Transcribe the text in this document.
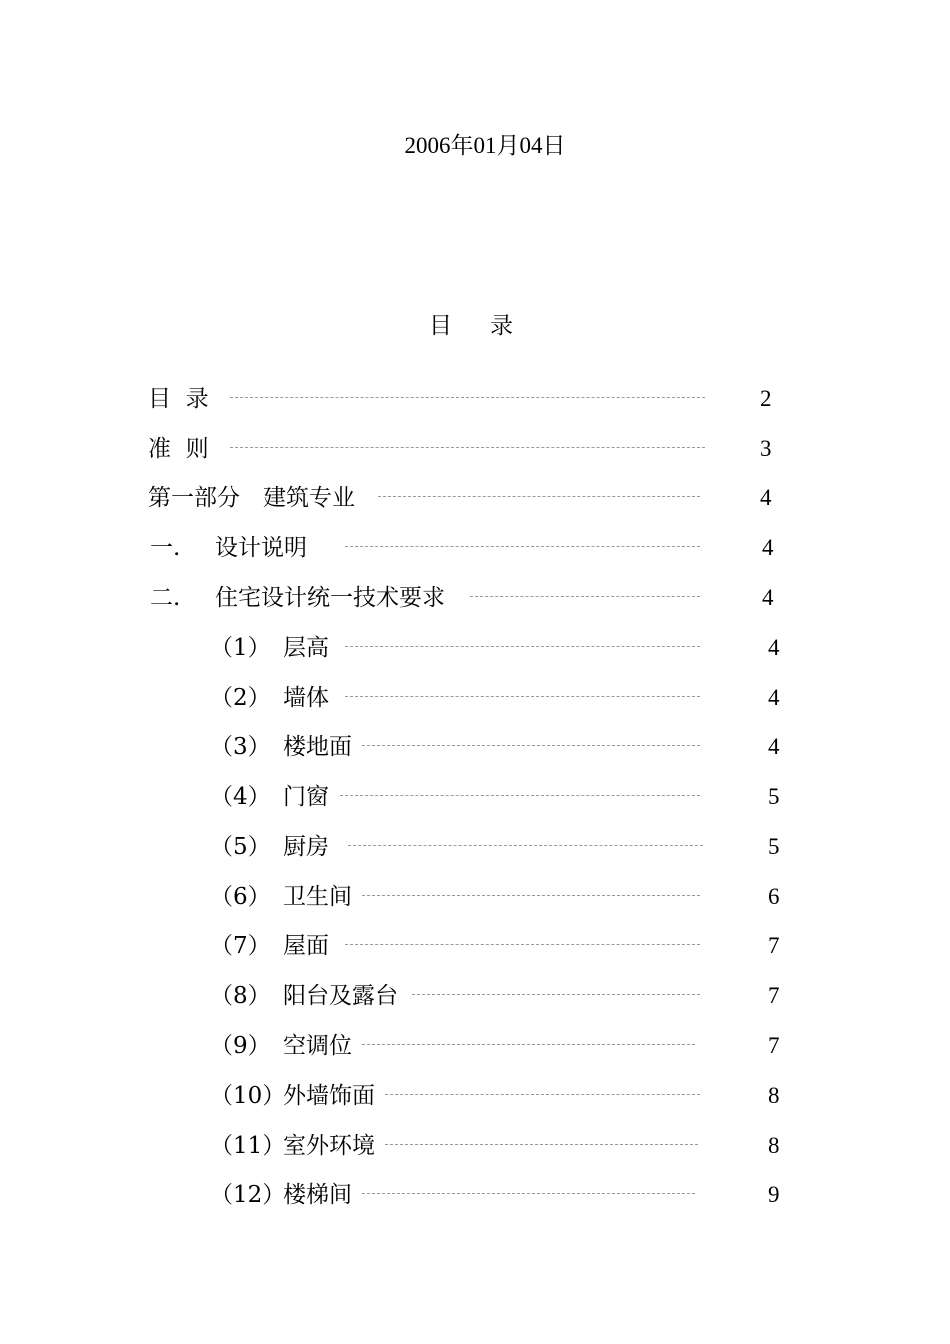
2006年01月04日
目 录
目  录	2
准  则	3
第一部分　建筑专业	4
一. 设计说明	4
二. 住宅设计统一技术要求	4
（1） 层高	4
（2） 墙体	4
（3） 楼地面	4
（4） 门窗	5
（5） 厨房	5
（6） 卫生间	6
（7） 屋面	7
（8） 阳台及露台	7
（9） 空调位	7
（10）外墙饰面	8
（11）室外环境	8
（12）楼梯间	9
